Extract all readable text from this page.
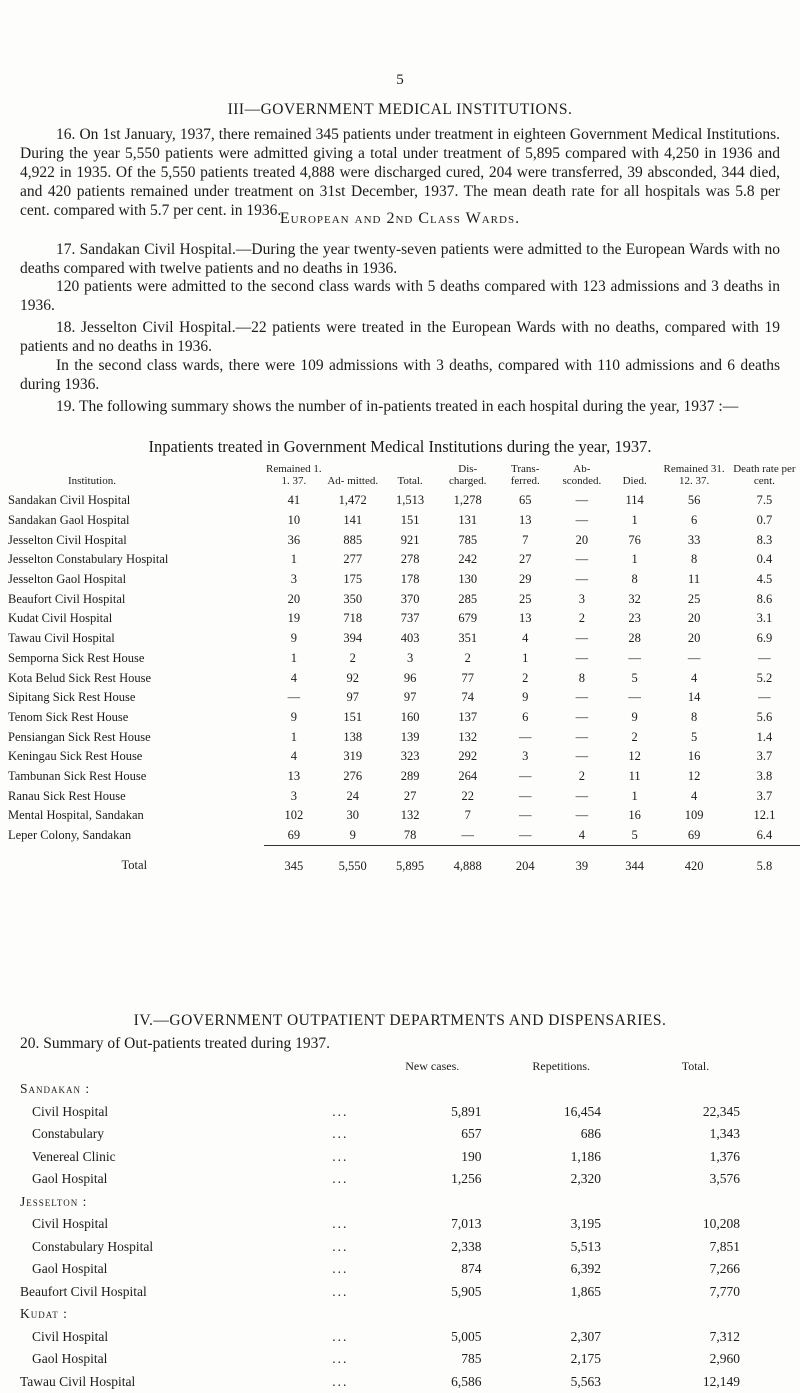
5
III—GOVERNMENT MEDICAL INSTITUTIONS.
16. On 1st January, 1937, there remained 345 patients under treatment in eighteen Government Medical Institutions. During the year 5,550 patients were admitted giving a total under treatment of 5,895 compared with 4,250 in 1936 and 4,922 in 1935. Of the 5,550 patients treated 4,888 were discharged cured, 204 were transferred, 39 absconded, 344 died, and 420 patients remained under treatment on 31st December, 1937. The mean death rate for all hospitals was 5.8 per cent. compared with 5.7 per cent. in 1936.
European and 2nd Class Wards.
17. Sandakan Civil Hospital.—During the year twenty-seven patients were admitted to the European Wards with no deaths compared with twelve patients and no deaths in 1936.
120 patients were admitted to the second class wards with 5 deaths compared with 123 admissions and 3 deaths in 1936.
18. Jesselton Civil Hospital.—22 patients were treated in the European Wards with no deaths, compared with 19 patients and no deaths in 1936.
In the second class wards, there were 109 admissions with 3 deaths, compared with 110 admissions and 6 deaths during 1936.
19. The following summary shows the number of in-patients treated in each hospital during the year, 1937 :—
Inpatients treated in Government Medical Institutions during the year, 1937.
Institution.	Remained 1. 1. 37.	Ad- mitted.	Total.	Dis- charged.	Trans- ferred.	Ab- sconded.	Died.	Remained 31. 12. 37.	Death rate per cent.
Sandakan Civil Hospital	41	1,472	1,513	1,278	65	—	114	56	7.5
Sandakan Gaol Hospital	10	141	151	131	13	—	1	6	0.7
Jesselton Civil Hospital	36	885	921	785	7	20	76	33	8.3
Jesselton Constabulary Hospital	1	277	278	242	27	—	1	8	0.4
Jesselton Gaol Hospital	3	175	178	130	29	—	8	11	4.5
Beaufort Civil Hospital	20	350	370	285	25	3	32	25	8.6
Kudat Civil Hospital	19	718	737	679	13	2	23	20	3.1
Tawau Civil Hospital	9	394	403	351	4	—	28	20	6.9
Semporna Sick Rest House	1	2	3	2	1	—	—	—	—
Kota Belud Sick Rest House	4	92	96	77	2	8	5	4	5.2
Sipitang Sick Rest House	—	97	97	74	9	—	—	14	—
Tenom Sick Rest House	9	151	160	137	6	—	9	8	5.6
Pensiangan Sick Rest House	1	138	139	132	—	—	2	5	1.4
Keningau Sick Rest House	4	319	323	292	3	—	12	16	3.7
Tambunan Sick Rest House	13	276	289	264	—	2	11	12	3.8
Ranau Sick Rest House	3	24	27	22	—	—	1	4	3.7
Mental Hospital, Sandakan	102	30	132	7	—	—	16	109	12.1
Leper Colony, Sandakan	69	9	78	—	—	4	5	69	6.4
Total	345	5,550	5,895	4,888	204	39	344	420	5.8
IV.—GOVERNMENT OUTPATIENT DEPARTMENTS AND DISPENSARIES.
20. Summary of Out-patients treated during 1937.
		New cases.	Repetitions.	Total.
Sandakan :				
Civil Hospital	...	5,891	16,454	22,345
Constabulary	...	657	686	1,343
Venereal Clinic	...	190	1,186	1,376
Gaol Hospital	...	1,256	2,320	3,576
Jesselton :				
Civil Hospital	...	7,013	3,195	10,208
Constabulary Hospital	...	2,338	5,513	7,851
Gaol Hospital	...	874	6,392	7,266
Beaufort Civil Hospital	...	5,905	1,865	7,770
Kudat :				
Civil Hospital	...	5,005	2,307	7,312
Gaol Hospital	...	785	2,175	2,960
Tawau Civil Hospital	...	6,586	5,563	12,149
